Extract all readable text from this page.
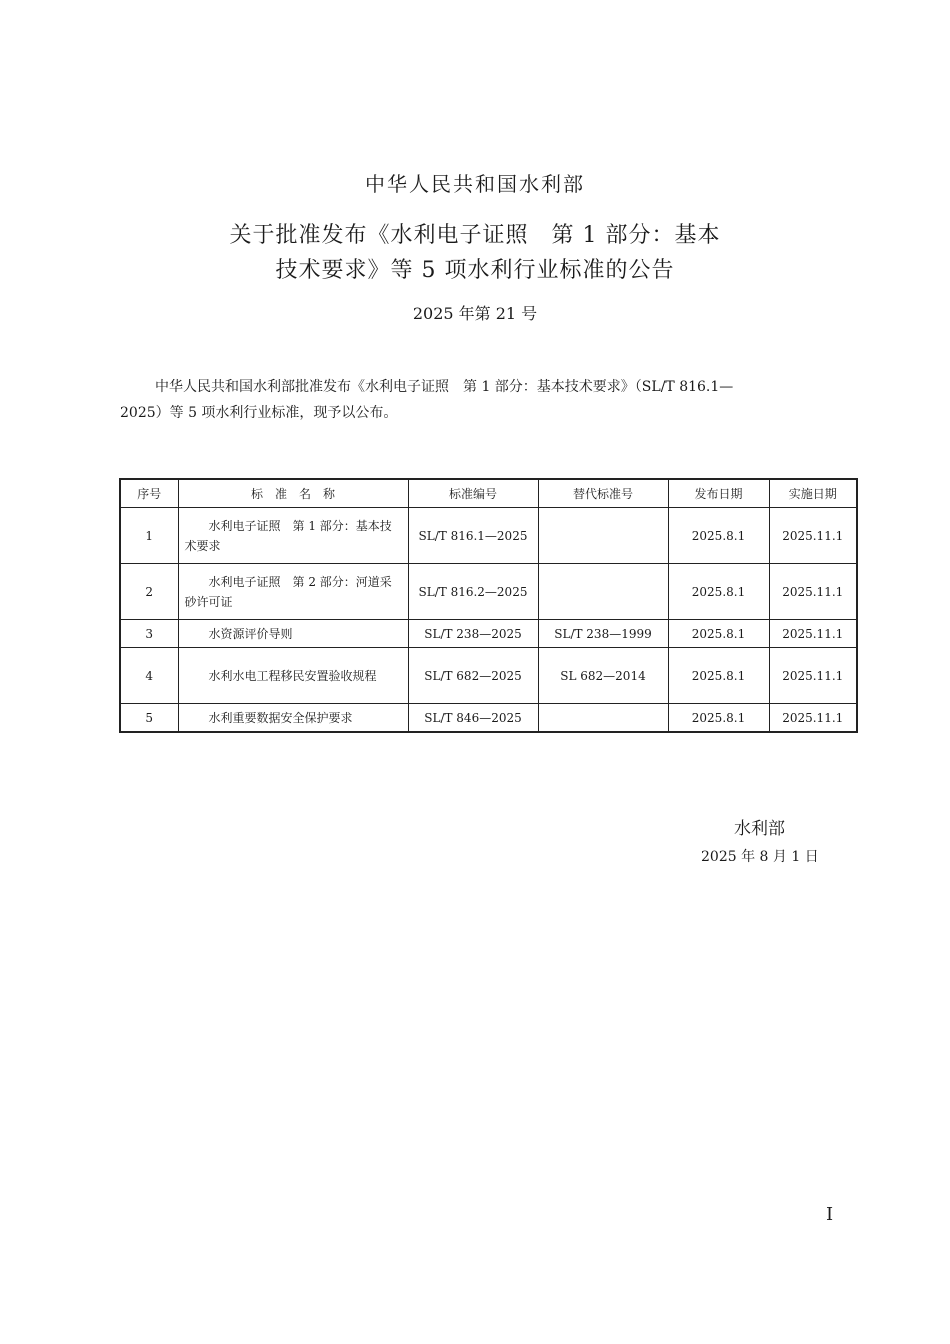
中华人民共和国水利部
关于批准发布《水利电子证照　第 1 部分：基本
技术要求》等 5 项水利行业标准的公告
2025 年第 21 号
中华人民共和国水利部批准发布《水利电子证照　第 1 部分：基本技术要求》（SL/T 816.1—
2025）等 5 项水利行业标准，现予以公布。
序号	标　准　名　称	标准编号	替代标准号	发布日期	实施日期
1	水利电子证照　第 1 部分：基本技术要求	SL/T 816.1—2025		2025.8.1	2025.11.1
2	水利电子证照　第 2 部分：河道采砂许可证	SL/T 816.2—2025		2025.8.1	2025.11.1
3	水资源评价导则	SL/T 238—2025	SL/T 238—1999	2025.8.1	2025.11.1
4	水利水电工程移民安置验收规程	SL/T 682—2025	SL 682—2014	2025.8.1	2025.11.1
5	水利重要数据安全保护要求	SL/T 846—2025		2025.8.1	2025.11.1
水利部
2025 年 8 月 1 日
I
